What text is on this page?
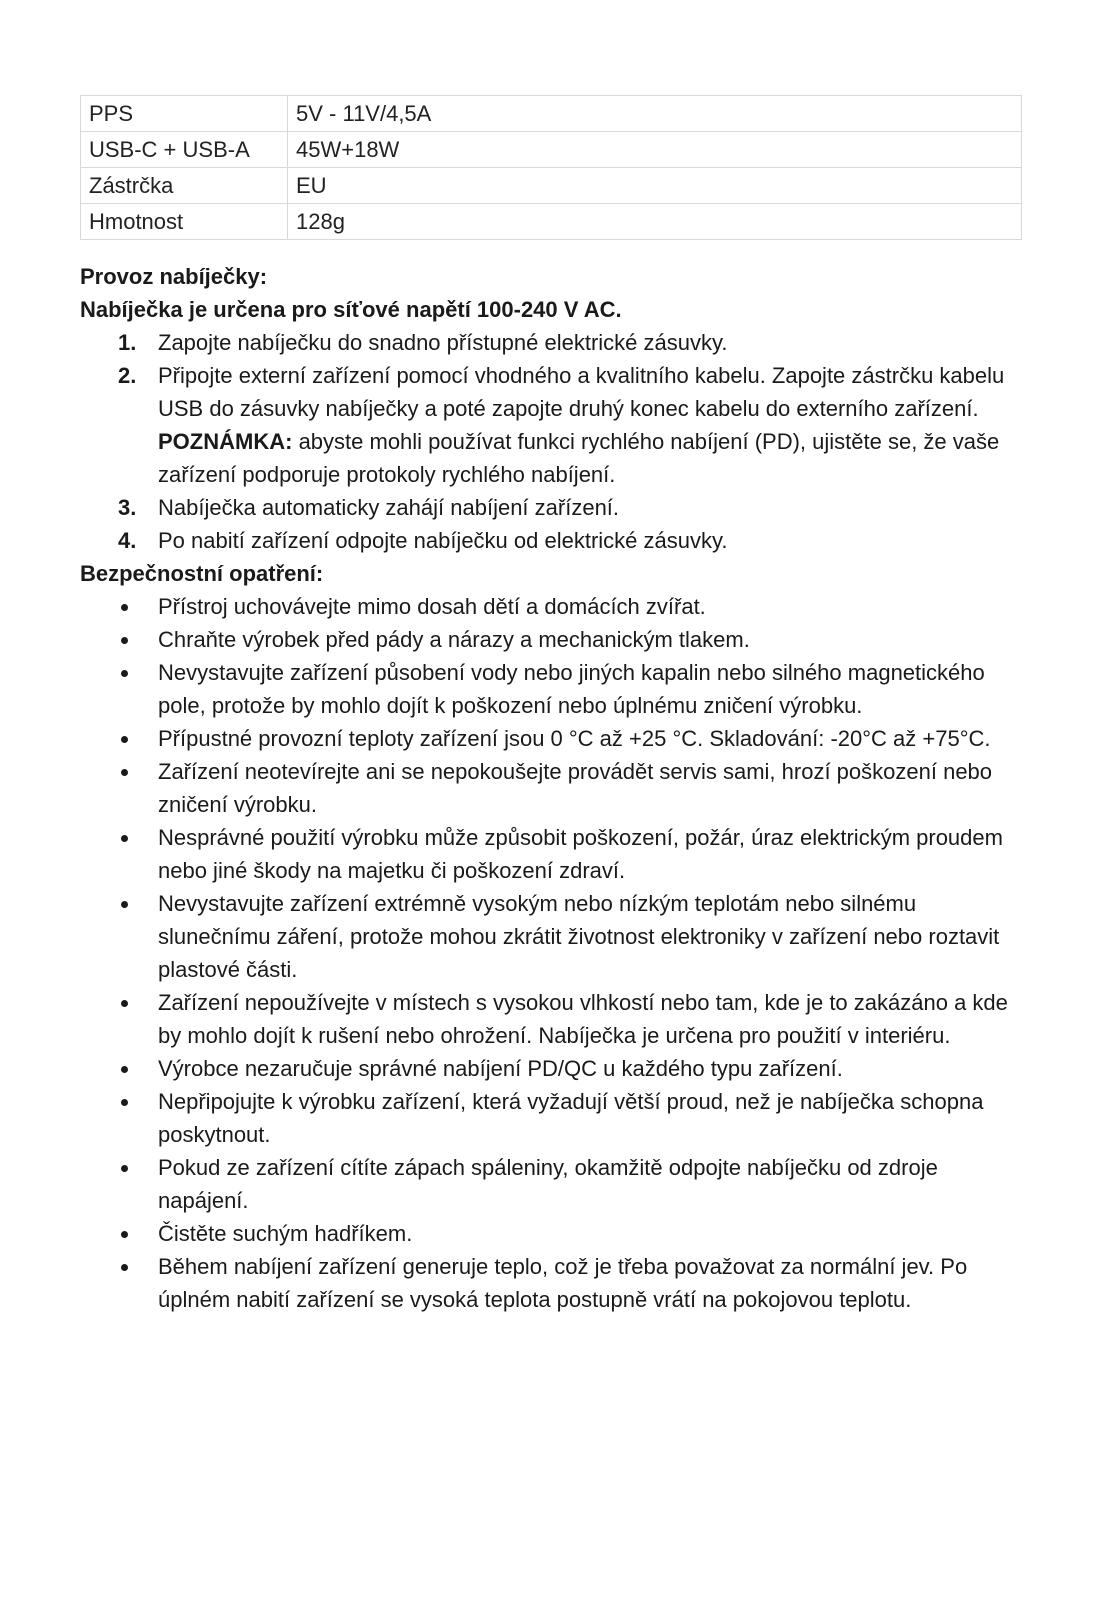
PPS	5V - 11V/4,5A
USB-C + USB-A	45W+18W
Zástrčka	EU
Hmotnost	128g

Provoz nabíječky:

Nabíječka je určena pro síťové napětí 100-240 V AC.

1. Zapojte nabíječku do snadno přístupné elektrické zásuvky.
2. Připojte externí zařízení pomocí vhodného a kvalitního kabelu. Zapojte zástrčku kabelu USB do zásuvky nabíječky a poté zapojte druhý konec kabelu do externího zařízení. POZNÁMKA: abyste mohli používat funkci rychlého nabíjení (PD), ujistěte se, že vaše zařízení podporuje protokoly rychlého nabíjení.
3. Nabíječka automaticky zahájí nabíjení zařízení.
4. Po nabití zařízení odpojte nabíječku od elektrické zásuvky.

Bezpečnostní opatření:

Přístroj uchovávejte mimo dosah dětí a domácích zvířat.
Chraňte výrobek před pády a nárazy a mechanickým tlakem.
Nevystavujte zařízení působení vody nebo jiných kapalin nebo silného magnetického pole, protože by mohlo dojít k poškození nebo úplnému zničení výrobku.
Přípustné provozní teploty zařízení jsou 0 °C až +25 °C. Skladování: -20°C až +75°C.
Zařízení neotevírejte ani se nepokoušejte provádět servis sami, hrozí poškození nebo zničení výrobku.
Nesprávné použití výrobku může způsobit poškození, požár, úraz elektrickým proudem nebo jiné škody na majetku či poškození zdraví.
Nevystavujte zařízení extrémně vysokým nebo nízkým teplotám nebo silnému slunečnímu záření, protože mohou zkrátit životnost elektroniky v zařízení nebo roztavit plastové části.
Zařízení nepoužívejte v místech s vysokou vlhkostí nebo tam, kde je to zakázáno a kde by mohlo dojít k rušení nebo ohrožení. Nabíječka je určena pro použití v interiéru.
Výrobce nezaručuje správné nabíjení PD/QC u každého typu zařízení.
Nepřipojujte k výrobku zařízení, která vyžadují větší proud, než je nabíječka schopna poskytnout.
Pokud ze zařízení cítíte zápach spáleniny, okamžitě odpojte nabíječku od zdroje napájení.
Čistěte suchým hadříkem.
Během nabíjení zařízení generuje teplo, což je třeba považovat za normální jev. Po úplném nabití zařízení se vysoká teplota postupně vrátí na pokojovou teplotu.
